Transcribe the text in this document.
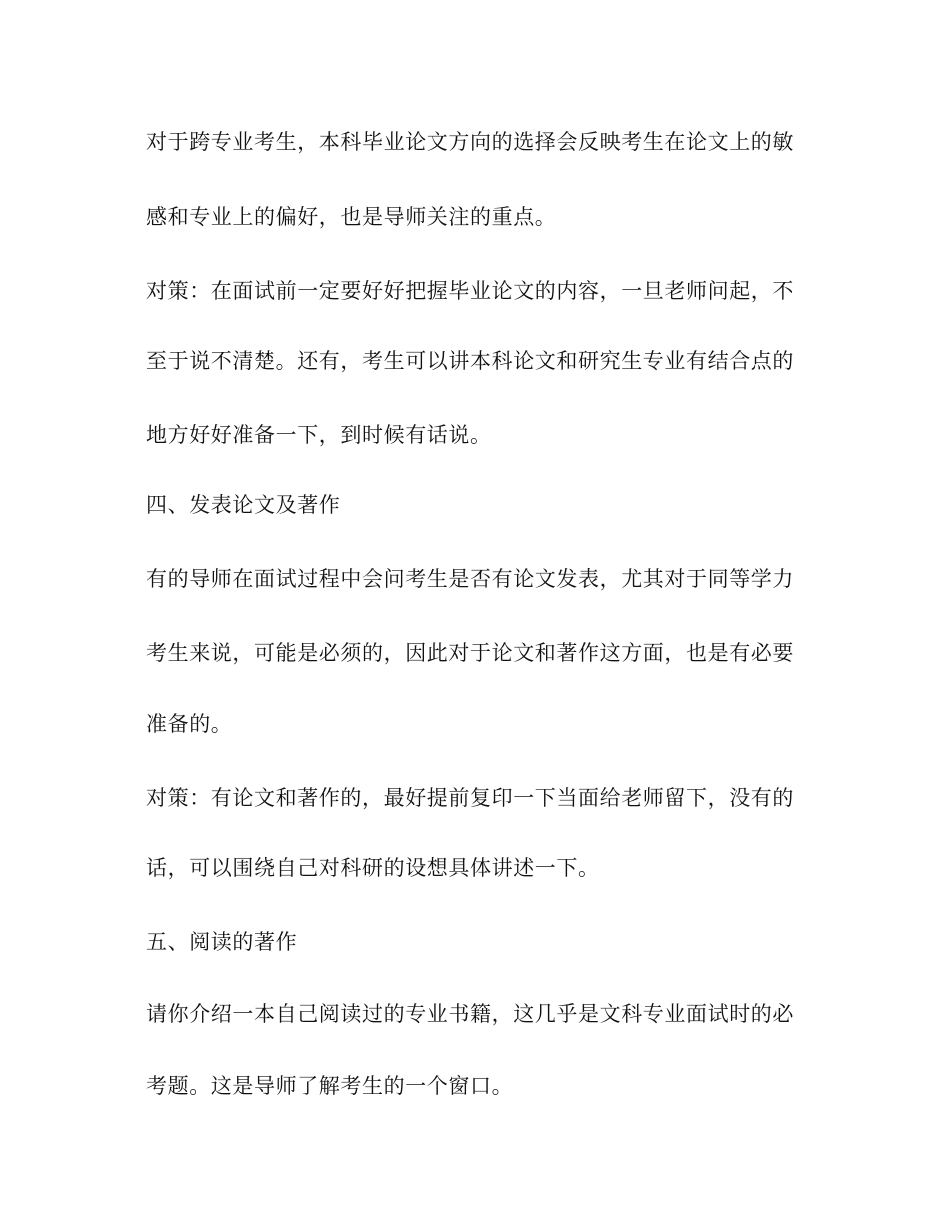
对于跨专业考生，本科毕业论文方向的选择会反映考生在论文上的敏

感和专业上的偏好，也是导师关注的重点。

对策：在面试前一定要好好把握毕业论文的内容，一旦老师问起，不

至于说不清楚。还有，考生可以讲本科论文和研究生专业有结合点的

地方好好准备一下，到时候有话说。

四、发表论文及著作

有的导师在面试过程中会问考生是否有论文发表，尤其对于同等学力

考生来说，可能是必须的，因此对于论文和著作这方面，也是有必要

准备的。

对策：有论文和著作的，最好提前复印一下当面给老师留下，没有的

话，可以围绕自己对科研的设想具体讲述一下。

五、阅读的著作

请你介绍一本自己阅读过的专业书籍，这几乎是文科专业面试时的必

考题。这是导师了解考生的一个窗口。
